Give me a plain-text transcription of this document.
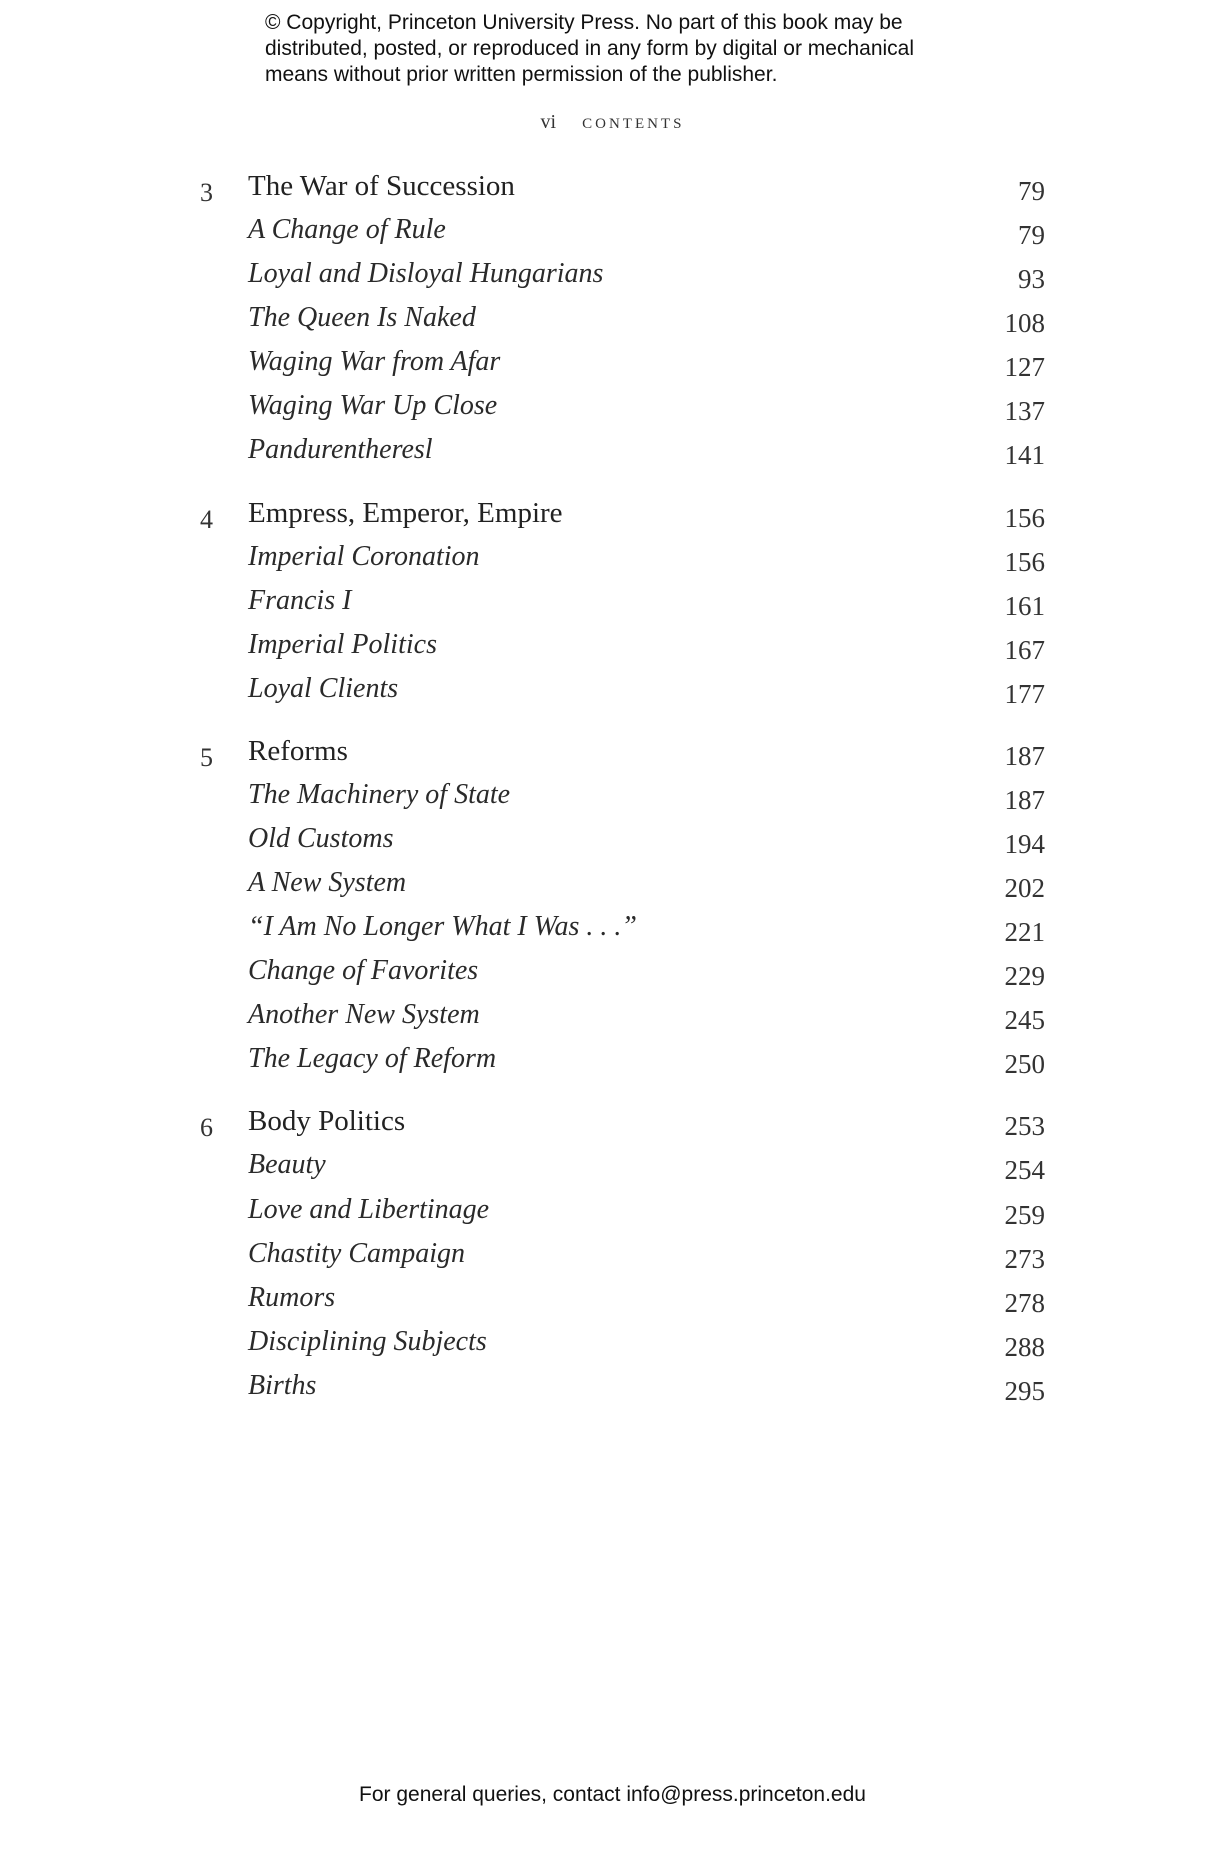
© Copyright, Princeton University Press. No part of this book may be
distributed, posted, or reproduced in any form by digital or mechanical
means without prior written permission of the publisher.
vi CONTENTS
3	The War of Succession	79
A Change of Rule	79
Loyal and Disloyal Hungarians	93
The Queen Is Naked	108
Waging War from Afar	127
Waging War Up Close	137
Pandurentheresl	141
4	Empress, Emperor, Empire	156
Imperial Coronation	156
Francis I	161
Imperial Politics	167
Loyal Clients	177
5	Reforms	187
The Machinery of State	187
Old Customs	194
A New System	202
“I Am No Longer What I Was . . .”	221
Change of Favorites	229
Another New System	245
The Legacy of Reform	250
6	Body Politics	253
Beauty	254
Love and Libertinage	259
Chastity Campaign	273
Rumors	278
Disciplining Subjects	288
Births	295
For general queries, contact info@press.princeton.edu
